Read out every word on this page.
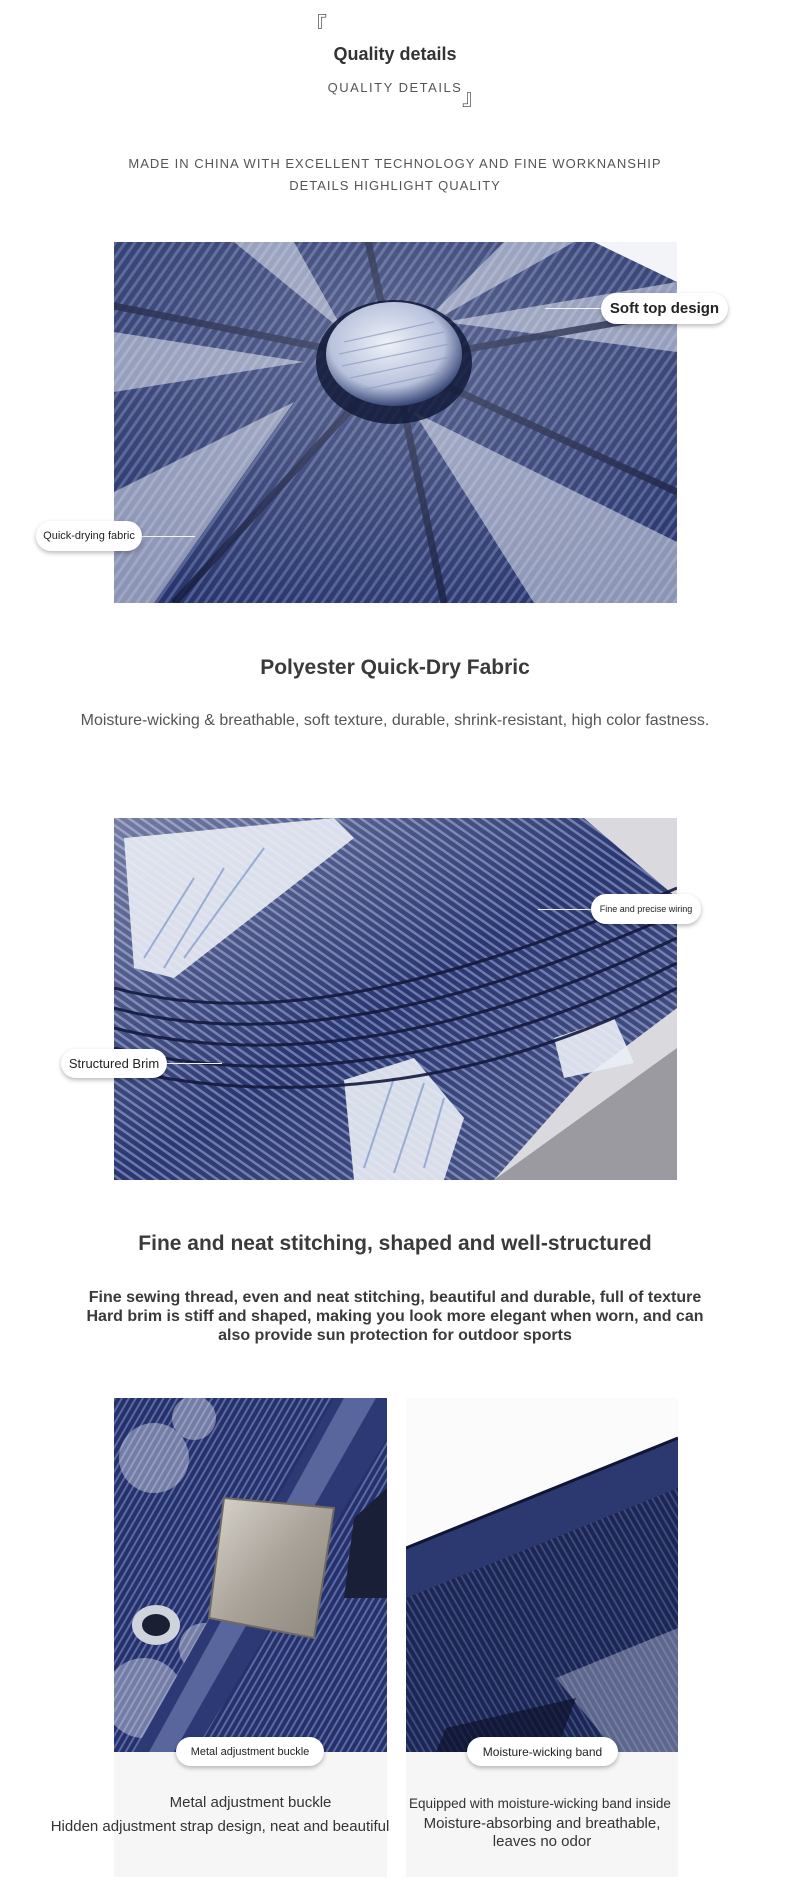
『
Quality details
QUALITY DETAILS 』
MADE IN CHINA WITH EXCELLENT TECHNOLOGY AND FINE WORKNANSHIP
DETAILS HIGHLIGHT QUALITY
Soft top design
Quick-drying fabric
Polyester Quick-Dry Fabric
Moisture-wicking & breathable, soft texture, durable, shrink-resistant, high color fastness.
Fine and precise wiring
Structured Brim
Fine and neat stitching, shaped and well-structured
Fine sewing thread, even and neat stitching, beautiful and durable, full of texture Hard brim is stiff and shaped, making you look more elegant when worn, and can also provide sun protection for outdoor sports
Metal adjustment buckle	Moisture-wicking band
Metal adjustment buckle
Hidden adjustment strap design, neat and beautiful
Equipped with moisture-wicking band inside
Moisture-absorbing and breathable,
leaves no odor
